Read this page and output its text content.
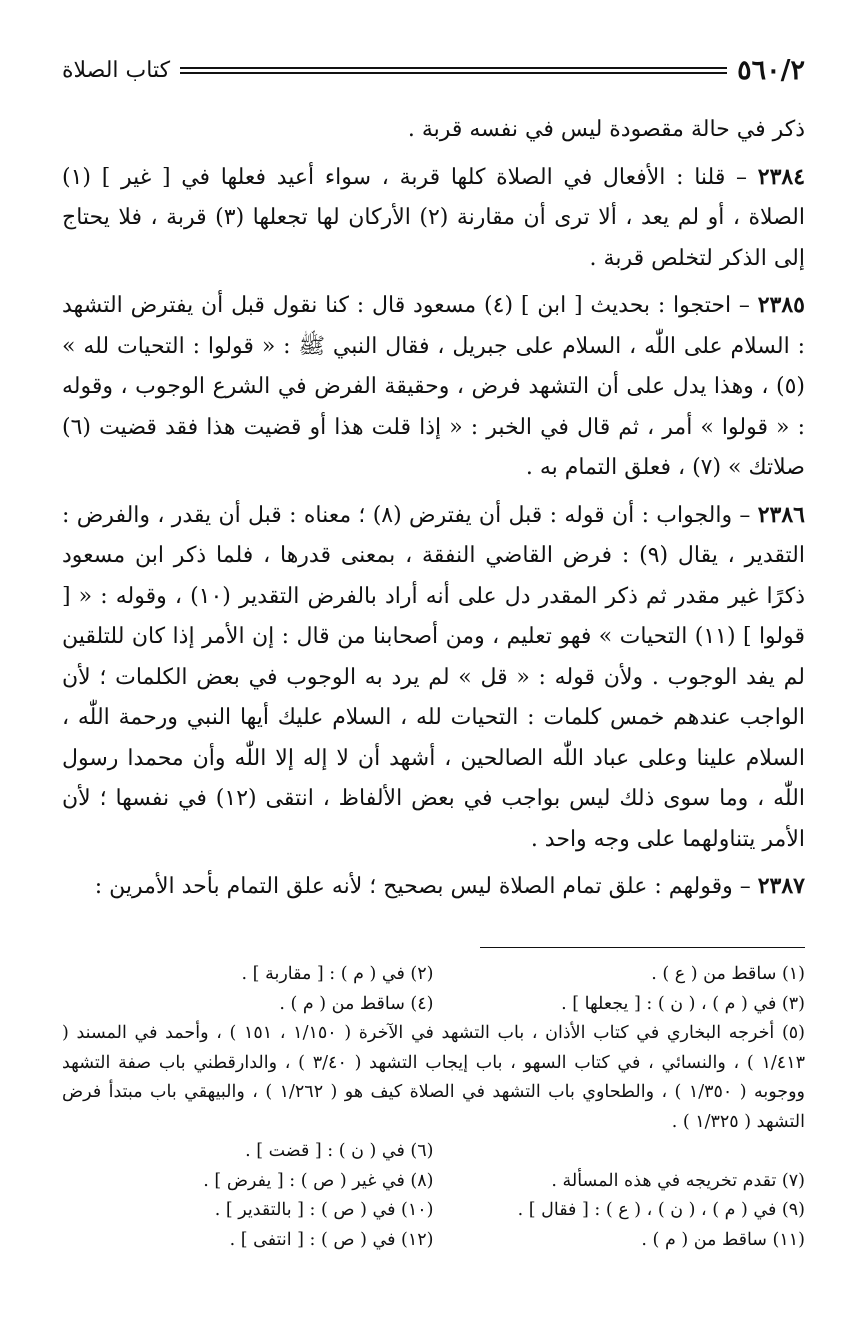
٥٦٠/٢
كتاب الصلاة

ذكر في حالة مقصودة ليس في نفسه قربة .

٢٣٨٤ – قلنا : الأفعال في الصلاة كلها قربة ، سواء أعيد فعلها في [ غير ] (١) الصلاة ، أو لم يعد ، ألا ترى أن مقارنة (٢) الأركان لها تجعلها (٣) قربة ، فلا يحتاج إلى الذكر لتخلص قربة .

٢٣٨٥ – احتجوا : بحديث [ ابن ] (٤) مسعود قال : كنا نقول قبل أن يفترض التشهد : السلام على اللّٰه ، السلام على جبريل ، فقال النبي ﷺ : « قولوا : التحيات لله » (٥) ، وهذا يدل على أن التشهد فرض ، وحقيقة الفرض في الشرع الوجوب ، وقوله : « قولوا » أمر ، ثم قال في الخبر : « إذا قلت هذا أو قضيت هذا فقد قضيت (٦) صلاتك » (٧) ، فعلق التمام به .

٢٣٨٦ – والجواب : أن قوله : قبل أن يفترض (٨) ؛ معناه : قبل أن يقدر ، والفرض : التقدير ، يقال (٩) : فرض القاضي النفقة ، بمعنى قدرها ، فلما ذكر ابن مسعود ذكرًا غير مقدر ثم ذكر المقدر دل على أنه أراد بالفرض التقدير (١٠) ، وقوله : « [ قولوا ] (١١) التحيات » فهو تعليم ، ومن أصحابنا من قال : إن الأمر إذا كان للتلقين لم يفد الوجوب . ولأن قوله : « قل » لم يرد به الوجوب في بعض الكلمات ؛ لأن الواجب عندهم خمس كلمات : التحيات لله ، السلام عليك أيها النبي ورحمة اللّٰه ، السلام علينا وعلى عباد اللّٰه الصالحين ، أشهد أن لا إله إلا اللّٰه وأن محمدا رسول اللّٰه ، وما سوى ذلك ليس بواجب في بعض الألفاظ ، انتقى (١٢) في نفسها ؛ لأن الأمر يتناولهما على وجه واحد .

٢٣٨٧ – وقولهم : علق تمام الصلاة ليس بصحيح ؛ لأنه علق التمام بأحد الأمرين :

(١) ساقط من ( ع ) .
(٢) في ( م ) : [ مقاربة ] .
(٣) في ( م ) ، ( ن ) : [ يجعلها ] .
(٤) ساقط من ( م ) .
(٥) أخرجه البخاري في كتاب الأذان ، باب التشهد في الآخرة ( ١/١٥٠ ، ١٥١ ) ، وأحمد في المسند ( ١/٤١٣ ) ، والنسائي ، في كتاب السهو ، باب إيجاب التشهد ( ٣/٤٠ ) ، والدارقطني باب صفة التشهد ووجوبه ( ١/٣٥٠ ) ، والطحاوي باب التشهد في الصلاة كيف هو ( ١/٢٦٢ ) ، والبيهقي باب مبتدأ فرض التشهد ( ١/٣٢٥ ) .
(٦) في ( ن ) : [ قضت ] .
(٧) تقدم تخريجه في هذه المسألة .
(٨) في غير ( ص ) : [ يفرض ] .
(٩) في ( م ) ، ( ن ) ، ( ع ) : [ فقال ] .
(١٠) في ( ص ) : [ بالتقدير ] .
(١١) ساقط من ( م ) .
(١٢) في ( ص ) : [ انتفى ] .
